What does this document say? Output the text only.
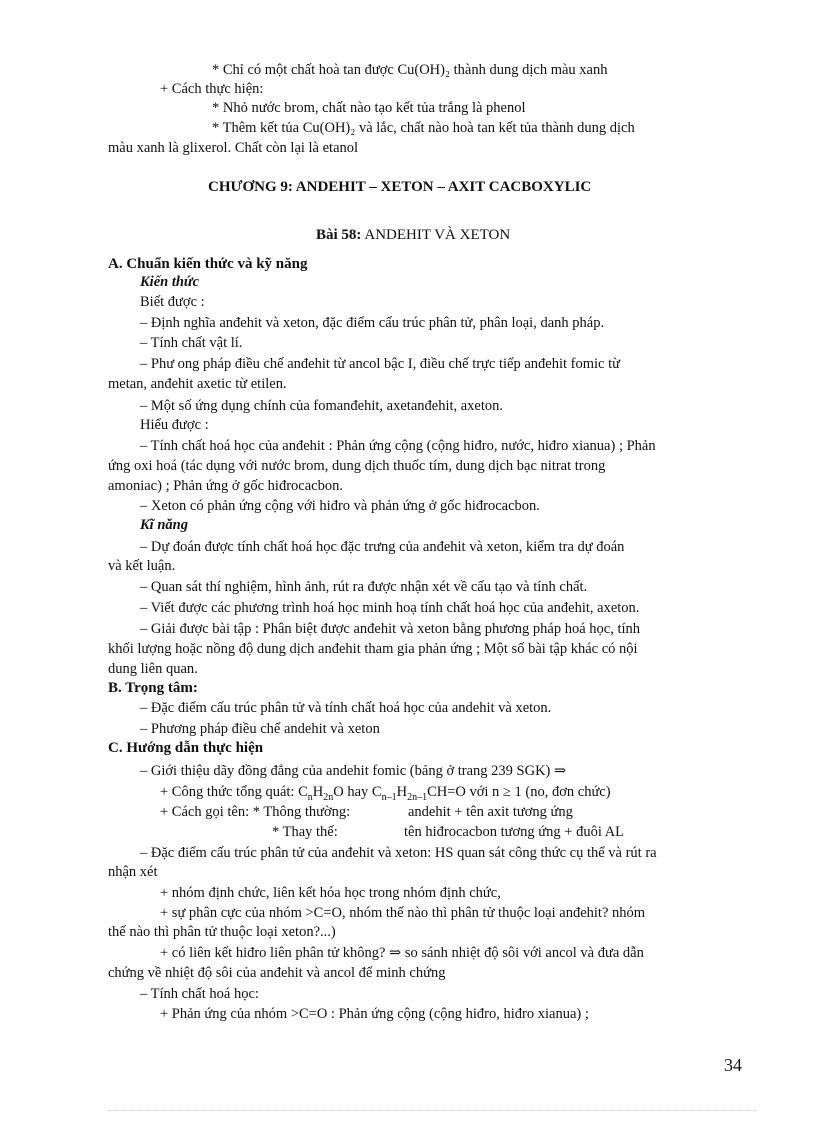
* Chỉ có một chất hoà tan được Cu(OH)₂ thành dung dịch màu xanh
+ Cách thực hiện:
* Nhỏ nước brom, chất nào tạo kết tủa trắng là phenol
* Thêm kết tủa Cu(OH)₂ và lắc, chất nào hoà tan kết tủa thành dung dịch
màu xanh là glixerol. Chất còn lại là etanol
CHƯƠNG 9: ANDEHIT – XETON – AXIT CACBOXYLIC
Bài 58: ANDEHIT VÀ XETON
A. Chuẩn kiến thức và kỹ năng
Kiến thức
Biết được :
– Định nghĩa anđehit và xeton, đặc điểm cấu trúc phân tử, phân loại, danh pháp.
– Tính chất vật lí.
– Phư ong pháp điều chế anđehit từ ancol bậc I, điều chế trực tiếp anđehit fomic từ
metan, anđehit axetic từ etilen.
– Một số ứng dụng chính của fomanđehit, axetanđehit, axeton.
Hiểu được :
– Tính chất hoá học của anđehit : Phản ứng cộng (cộng hiđro, nước, hiđro xianua) ; Phản
ứng oxi hoá (tác dụng với nước brom, dung dịch thuốc tím, dung dịch bạc nitrat trong
amoniac) ; Phản ứng ở gốc hiđrocacbon.
– Xeton có phản ứng cộng với hiđro và phản ứng ở gốc hiđrocacbon.
Kĩ năng
– Dự đoán được tính chất hoá học đặc trưng của anđehit và xeton, kiểm tra dự đoán
và kết luận.
– Quan sát thí nghiệm, hình ảnh, rút ra được nhận xét về cấu tạo và tính chất.
– Viết được các phương trình hoá học minh hoạ tính chất hoá học của anđehit, axeton.
– Giải được bài tập : Phân biệt được anđehit và xeton bằng phương pháp hoá học, tính
khối lượng hoặc nồng độ dung dịch anđehit tham gia phản ứng ; Một số bài tập khác có nội
dung liên quan.
B. Trọng tâm:
– Đặc điểm cấu trúc phân tử và tính chất hoá học của andehit và xeton.
– Phương pháp điều chế andehit và xeton
C. Hướng dẫn thực hiện
– Giới thiệu dãy đồng đẳng của andehit fomic (bảng ở trang 239 SGK) ⇒
+ Công thức tổng quát: $C_nH_{2n}O$ hay $C_{n-1}H_{2n-1}CH=O$ với n ≥ 1 (no, đơn chức)
+ Cách gọi tên: * Thông thường:	andehit + tên axit tương ứng
* Thay thế:	tên hiđrocacbon tương ứng + đuôi AL
– Đặc điểm cấu trúc phân tử của anđehit và xeton: HS quan sát công thức cụ thể và rút ra
nhận xét
+ nhóm định chức, liên kết hóa học trong nhóm định chức,
+ sự phân cực của nhóm >C=O, nhóm thế nào thì phân tử thuộc loại anđehit? nhóm
thế nào thì phân tử thuộc loại xeton?...)
+ có liên kết hiđro liên phân tử không? ⇒ so sánh nhiệt độ sôi với ancol và đưa dẫn
chứng về nhiệt độ sôi của anđehit và ancol để minh chứng
– Tính chất hoá học:
+ Phản ứng của nhóm >C=O : Phản ứng cộng (cộng hiđro, hiđro xianua) ;
34
